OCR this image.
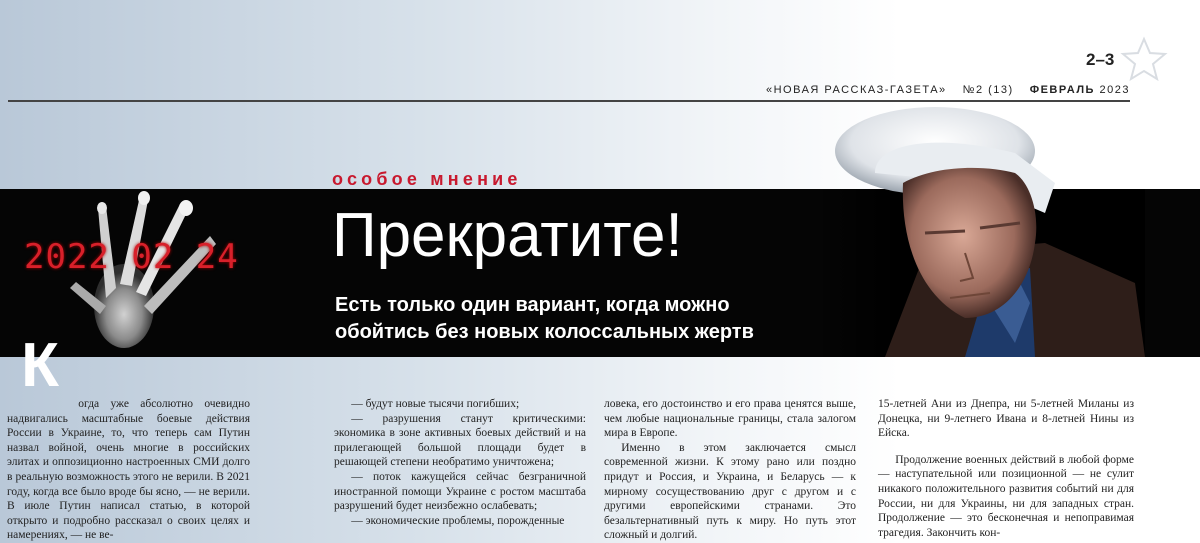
2–3
«НОВАЯ РАССКАЗ-ГАЗЕТА» №2 (13) ФЕВРАЛЬ 2023
2022 02 24
особое мнение
Прекратите!
Есть только один вариант, когда можно обойтись без новых колоссальных жертв
К

огда уже абсолютно очевидно надвигались масштабные боевые действия России в Украине, то, что теперь сам Путин назвал войной, очень многие в российских элитах и оппозиционно настроенных СМИ долго в реальную возможность этого не верили. В 2021 году, когда все было вроде бы ясно, — не верили. В июле Путин написал статью, в которой открыто и подробно рассказал о своих целях и намерениях, — не ве-

— будут новые тысячи погибших;

— разрушения станут критическими: экономика в зоне активных боевых действий и на прилегающей большой площади будет в решающей степени необратимо уничтожена;

— поток кажущейся сейчас безграничной иностранной помощи Украине с ростом масштаба разрушений будет неизбежно ослабевать;

— экономические проблемы, порожденные

ловека, его достоинство и его права ценятся выше, чем любые национальные границы, стала залогом мира в Европе.

Именно в этом заключается смысл современной жизни. К этому рано или поздно придут и Россия, и Украина, и Беларусь — к мирному сосуществованию друг с другом и с другими европейскими странами. Это безальтернативный путь к миру. Но путь этот сложный и долгий.

15-летней Ани из Днепра, ни 5-летней Миланы из Донецка, ни 9-летнего Ивана и 8-летней Нины из Ейска.

Продолжение военных действий в любой форме — наступательной или позиционной — не сулит никакого положительного развития событий ни для России, ни для Украины, ни для западных стран. Продолжение — это бесконечная и непоправимая трагедия. Закончить кон-
